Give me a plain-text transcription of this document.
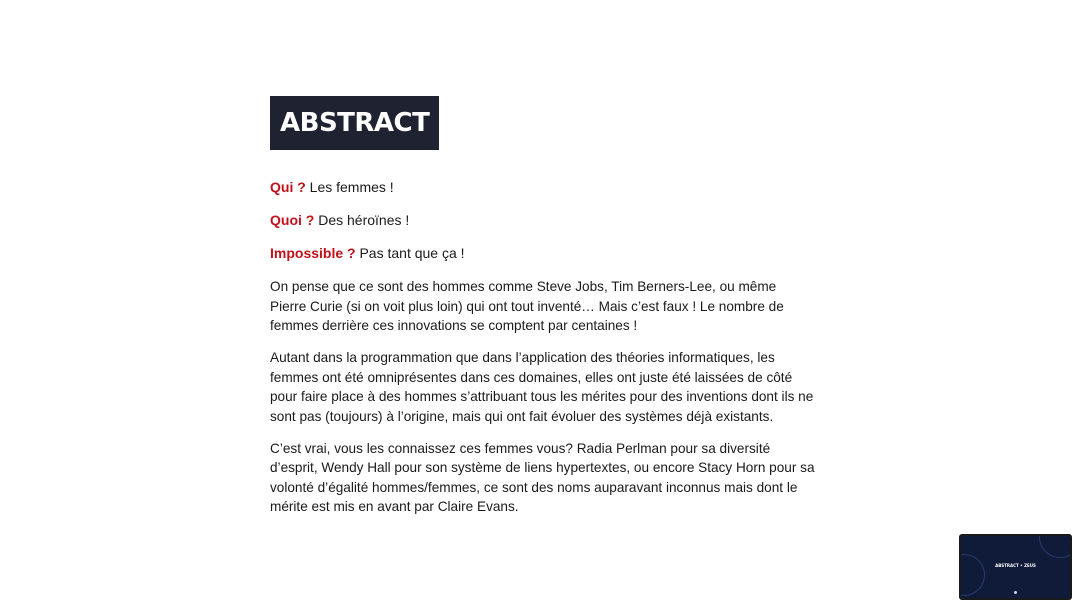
ABSTRACT

Qui ? Les femmes !

Quoi ? Des héroïnes !

Impossible ? Pas tant que ça !

On pense que ce sont des hommes comme Steve Jobs, Tim Berners-Lee, ou même Pierre Curie (si on voit plus loin) qui ont tout inventé… Mais c’est faux ! Le nombre de femmes derrière ces innovations se comptent par centaines !

Autant dans la programmation que dans l’application des théories informatiques, les femmes ont été omniprésentes dans ces domaines, elles ont juste été laissées de côté pour faire place à des hommes s’attribuant tous les mérites pour des inventions dont ils ne sont pas (toujours) à l’origine, mais qui ont fait évoluer des systèmes déjà existants.

C’est vrai, vous les connaissez ces femmes vous? Radia Perlman pour sa diversité d’esprit, Wendy Hall pour son système de liens hypertextes, ou encore Stacy Horn pour sa volonté d’égalité hommes/femmes, ce sont des noms auparavant inconnus mais dont le mérite est mis en avant par Claire Evans.

ABSTRACT • ZEUS
